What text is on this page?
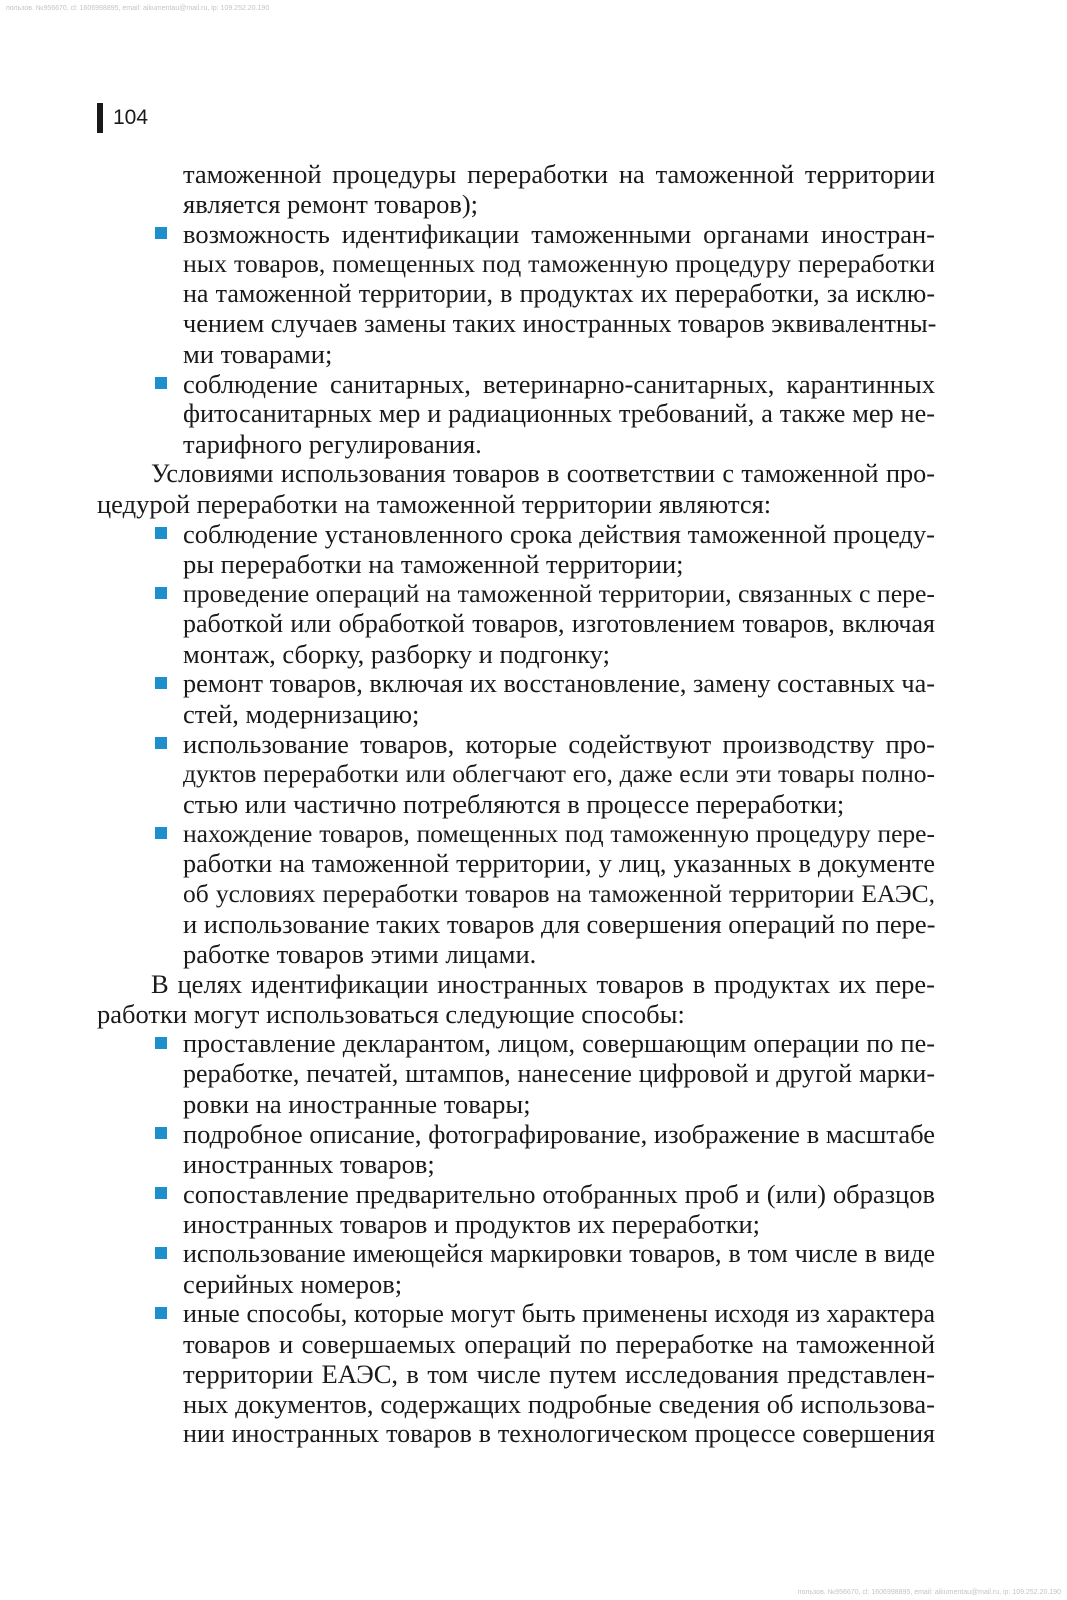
пользов. №956670, cl: 1606998895, email: aikumentau@mail.ru, ip: 109.252.20.190
104
таможенной процедуры переработки на таможенной территории
является ремонт товаров);
возможность идентификации таможенными органами иностран-
ных товаров, помещенных под таможенную процедуру переработки
на таможенной территории, в продуктах их переработки, за исклю-
чением случаев замены таких иностранных товаров эквивалентны-
ми товарами;
соблюдение санитарных, ветеринарно-санитарных, карантинных
фитосанитарных мер и радиационных требований, а также мер не-
тарифного регулирования.
Условиями использования товаров в соответствии с таможенной про-
цедурой переработки на таможенной территории являются:
соблюдение установленного срока действия таможенной процеду-
ры переработки на таможенной территории;
проведение операций на таможенной территории, связанных с пере-
работкой или обработкой товаров, изготовлением товаров, включая
монтаж, сборку, разборку и подгонку;
ремонт товаров, включая их восстановление, замену составных ча-
стей, модернизацию;
использование товаров, которые содействуют производству про-
дуктов переработки или облегчают его, даже если эти товары полно-
стью или частично потребляются в процессе переработки;
нахождение товаров, помещенных под таможенную процедуру пере-
работки на таможенной территории, у лиц, указанных в документе
об условиях переработки товаров на таможенной территории ЕАЭС,
и использование таких товаров для совершения операций по пере-
работке товаров этими лицами.
В целях идентификации иностранных товаров в продуктах их пере-
работки могут использоваться следующие способы:
проставление декларантом, лицом, совершающим операции по пе-
реработке, печатей, штампов, нанесение цифровой и другой марки-
ровки на иностранные товары;
подробное описание, фотографирование, изображение в масштабе
иностранных товаров;
сопоставление предварительно отобранных проб и (или) образцов
иностранных товаров и продуктов их переработки;
использование имеющейся маркировки товаров, в том числе в виде
серийных номеров;
иные способы, которые могут быть применены исходя из характера
товаров и совершаемых операций по переработке на таможенной
территории ЕАЭС, в том числе путем исследования представлен-
ных документов, содержащих подробные сведения об использова-
нии иностранных товаров в технологическом процессе совершения
пользов. №956670, cl: 1606998895, email: aikumentau@mail.ru, ip: 109.252.20.190
